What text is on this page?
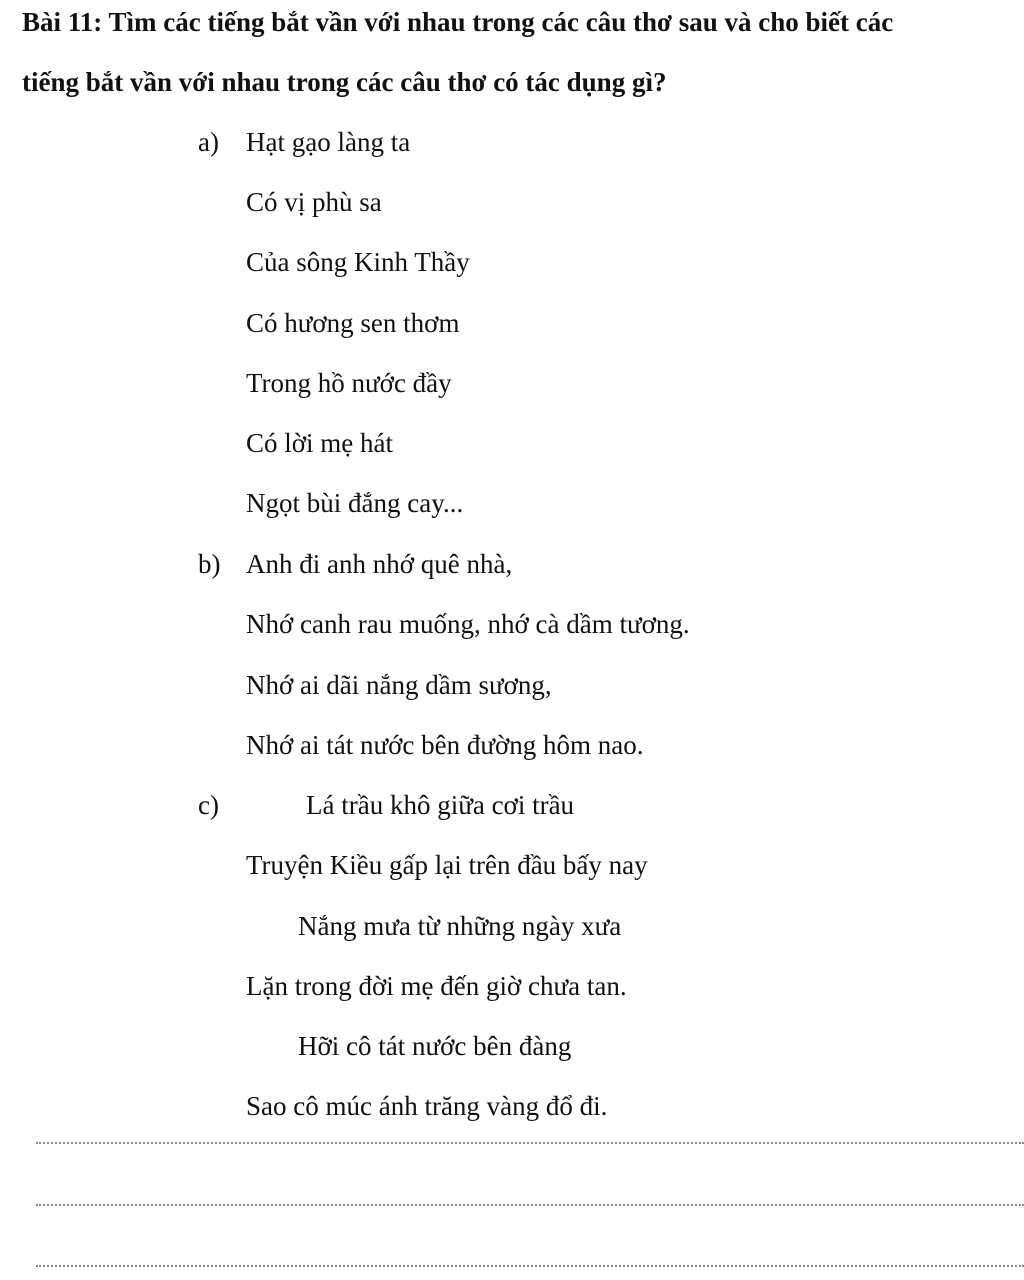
Bài 11: Tìm các tiếng bắt vần với nhau trong các câu thơ sau và cho biết các
tiếng bắt vần với nhau trong các câu thơ có tác dụng gì?
a) Hạt gạo làng ta
Có vị phù sa
Của sông Kinh Thầy
Có hương sen thơm
Trong hồ nước đầy
Có lời mẹ hát
Ngọt bùi đắng cay...
b) Anh đi anh nhớ quê nhà,
Nhớ canh rau muống, nhớ cà dầm tương.
Nhớ ai dãi nắng dầm sương,
Nhớ ai tát nước bên đường hôm nao.
c)	Lá trầu khô giữa cơi trầu
Truyện Kiều gấp lại trên đầu bấy nay
Nắng mưa từ những ngày xưa
Lặn trong đời mẹ đến giờ chưa tan.
Hỡi cô tát nước bên đàng
Sao cô múc ánh trăng vàng đổ đi.
